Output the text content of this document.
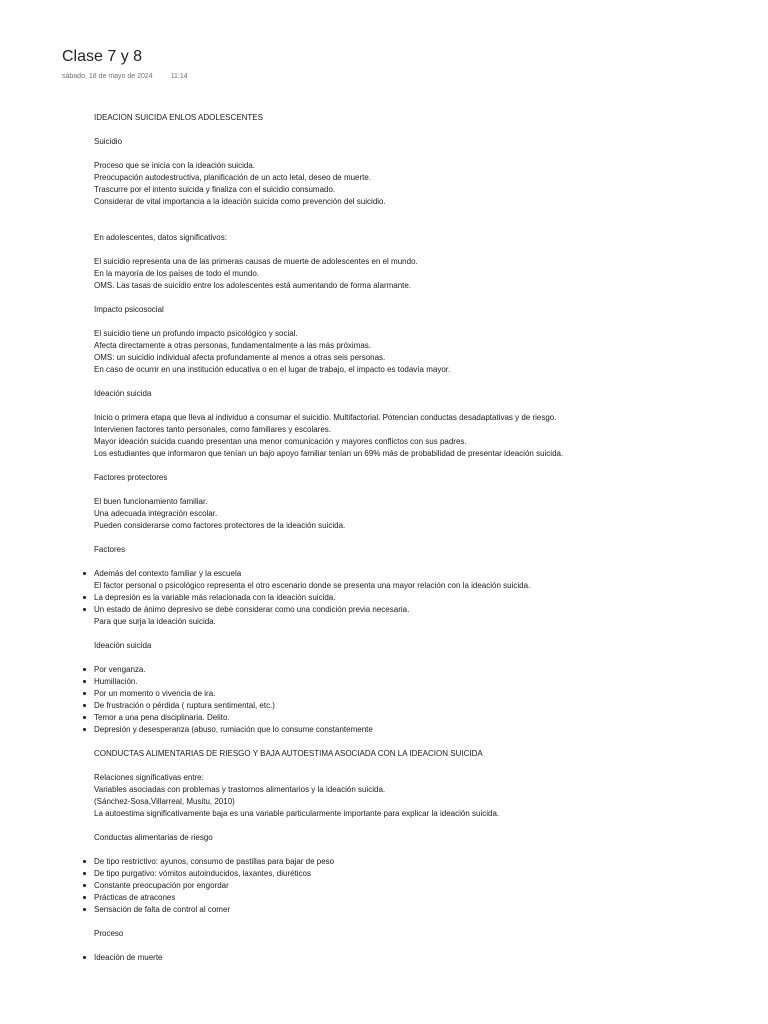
Clase 7 y 8
sábado, 18 de mayo de 2024	11:14
IDEACION SUICIDA ENLOS ADOLESCENTES
Suicidio
Proceso que se inicia con la ideación suicida.
Preocupación autodestructiva, planificación de un acto letal, deseo de muerte.
Trascurre por el intento suicida y finaliza con el suicidio consumado.
Considerar de vital importancia a la ideación suicida como prevención del suicidio.
En adolescentes, datos significativos:
El suicidio representa una de las primeras causas de muerte de adolescentes en el mundo.
En la mayoría de los países de todo el mundo.
OMS. Las tasas de suicidio entre los adolescentes está aumentando de forma alarmante.
Impacto psicosocial
El suicidio tiene un profundo impacto psicológico y social.
Afecta directamente a otras personas, fundamentalmente a las más próximas.
OMS: un suicidio individual afecta profundamente al menos a otras seis personas.
En caso de ocurrir en una institución educativa o en el lugar de trabajo, el impacto es todavía mayor.
Ideación suicida
Inicio o primera etapa que lleva al individuo a consumar el suicidio. Multifactorial. Potencian conductas desadaptativas y de riesgo.
Intervienen factores tanto personales, como familiares y escolares.
Mayor ideación suicida cuando presentan una menor comunicación y mayores conflictos con sus padres.
Los estudiantes que informaron que tenían un bajo apoyo familiar tenían un 69% más de probabilidad de presentar ideación suicida.
Factores protectores
El buen funcionamiento familiar.
Una adecuada integración escolar.
Pueden considerarse como factores protectores de la ideación suicida.
Factores
Además del contexto familiar y la escuela
El factor personal o psicológico representa el otro escenario donde se presenta una mayor relación con la ideación suicida.
La depresión es la variable más relacionada con la ideación suicida.
Un estado de ánimo depresivo se debe considerar como una condición previa necesaria.
Para que surja la ideación suicida.
Ideación suicida
Por venganza.
Humillación.
Por un momento o vivencia de ira.
De frustración o pérdida ( ruptura sentimental, etc.)
Temor a una pena disciplinaria. Delito.
Depresión y desesperanza (abuso, rumiación que lo consume constantemente
CONDUCTAS ALIMENTARIAS DE RIESGO Y BAJA AUTOESTIMA ASOCIADA CON LA IDEACION SUICIDA
Relaciones significativas entre:
Variables asociadas con problemas y trastornos alimentarios y la ideación suicida.
(Sánchez-Sosa,Villarreal, Musitu, 2010)
La autoestima significativamente baja es una variable particularmente importante para explicar la ideación suicida.
Conductas alimentarias de riesgo
De tipo restrictivo: ayunos, consumo de pastillas para bajar de peso
De tipo purgativo: vómitos autoinducidos, laxantes, diuréticos
Constante preocupación por engordar
Prácticas de atracones
Sensación de falta de control al comer
Proceso
Ideación de muerte
